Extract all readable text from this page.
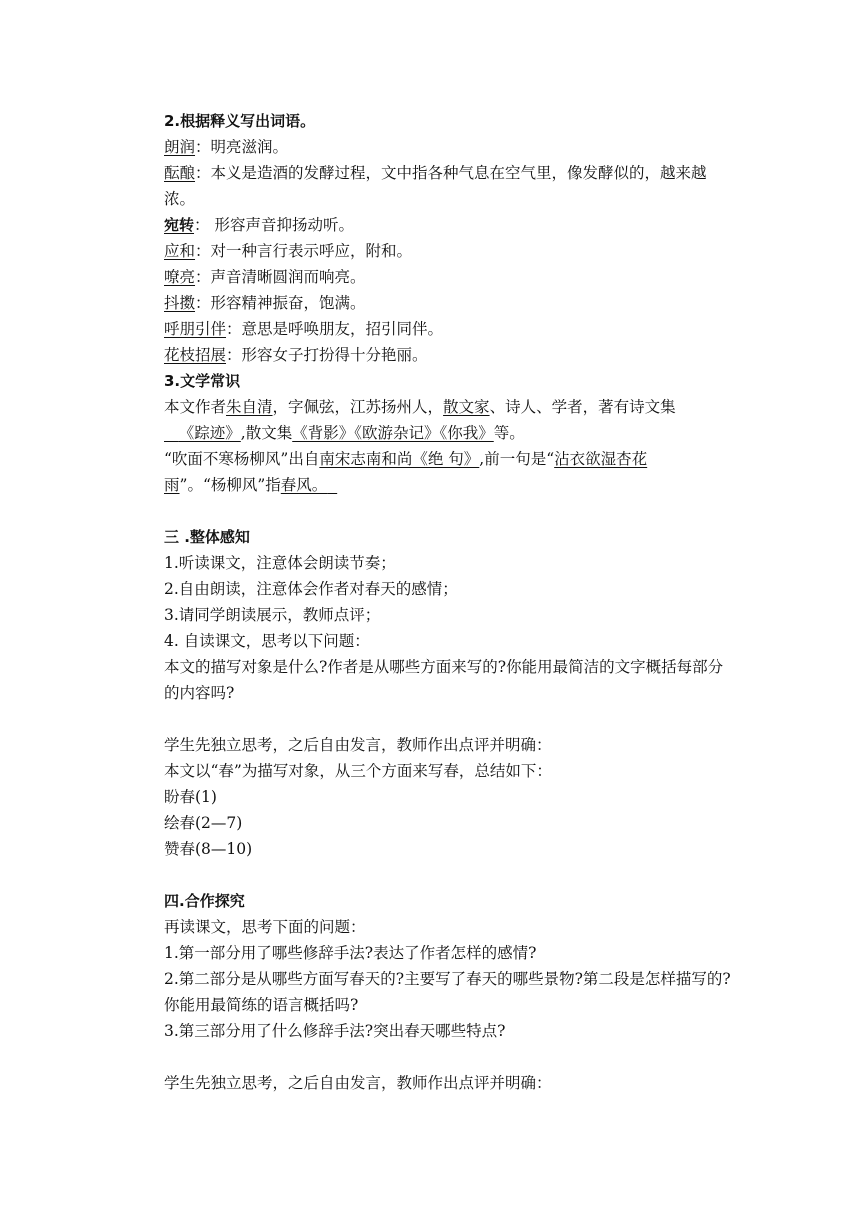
2.根据释义写出词语。

朗润：明亮滋润。

酝酿：本义是造酒的发酵过程，文中指各种气息在空气里，像发酵似的，越来越浓。

宛转： 形容声音抑扬动听。

应和：对一种言行表示呼应，附和。

嘹亮：声音清晰圆润而响亮。

抖擞：形容精神振奋，饱满。

呼朋引伴：意思是呼唤朋友，招引同伴。

花枝招展：形容女子打扮得十分艳丽。

3.文学常识

本文作者朱自清，字佩弦，江苏扬州人，散文家、诗人、学者，著有诗文集
《踪迹》,散文集《背影》《欧游杂记》《你我》等。

“吹面不寒杨柳风”出自南宋志南和尚《绝 句》,前一句是“沾衣欲湿杏花
雨”。“杨柳风”指春风。

三 .整体感知

1.听读课文，注意体会朗读节奏；

2.自由朗读，注意体会作者对春天的感情；

3.请同学朗读展示，教师点评；

4. 自读课文，思考以下问题：

本文的描写对象是什么?作者是从哪些方面来写的?你能用最简洁的文字概括每部分的内容吗?

学生先独立思考，之后自由发言，教师作出点评并明确：

本文以“春”为描写对象，从三个方面来写春，总结如下：

盼春(1)

绘春(2—7)

赞春(8—10)

四.合作探究

再读课文，思考下面的问题：

1.第一部分用了哪些修辞手法?表达了作者怎样的感情?

2.第二部分是从哪些方面写春天的?主要写了春天的哪些景物?第二段是怎样描写的?你能用最简练的语言概括吗?

3.第三部分用了什么修辞手法?突出春天哪些特点?

学生先独立思考，之后自由发言，教师作出点评并明确：
